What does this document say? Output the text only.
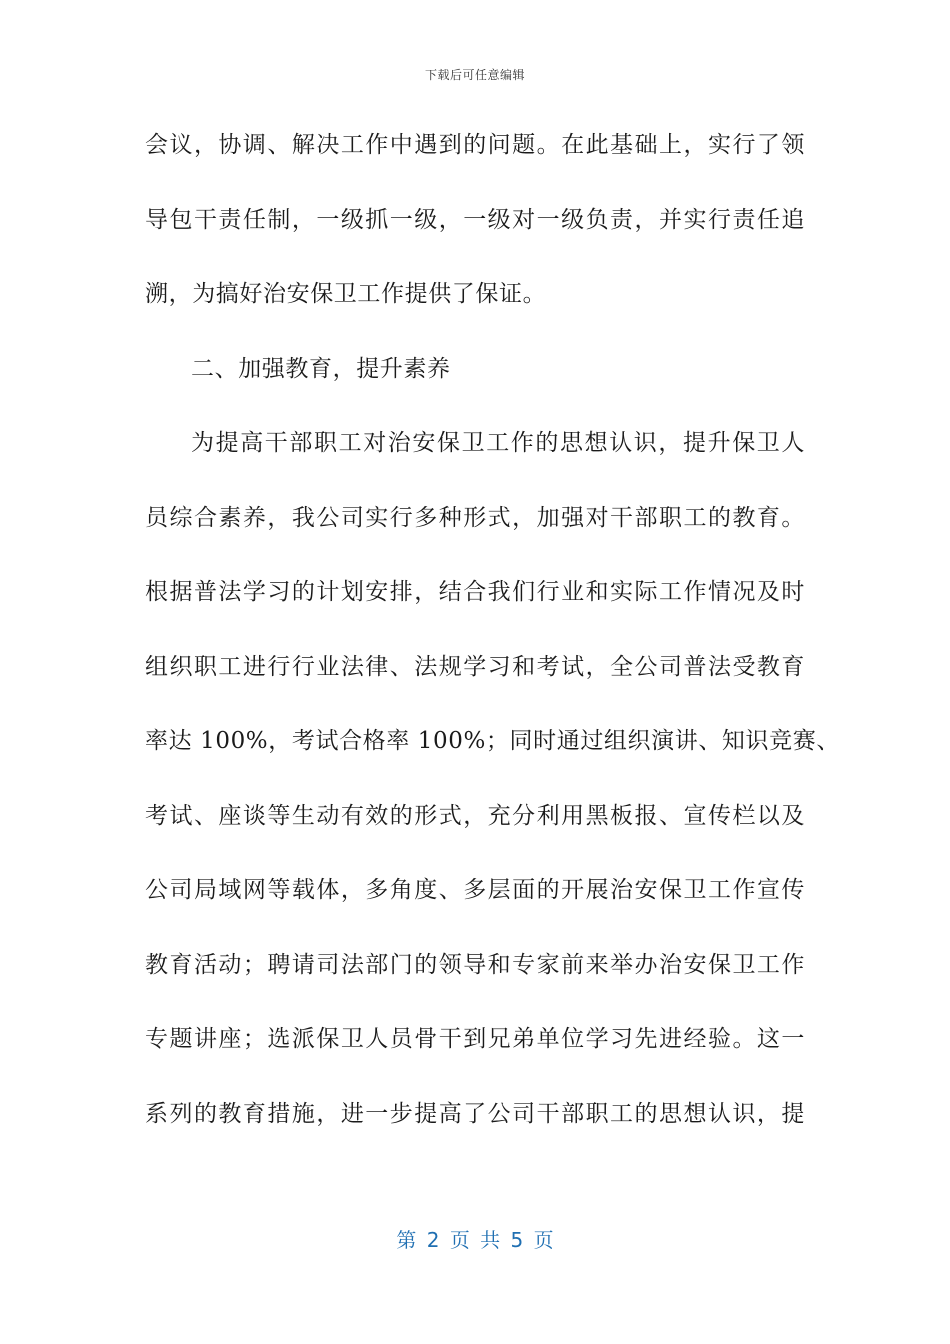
下载后可任意编辑
会议，协调、解决工作中遇到的问题。在此基础上，实行了领
导包干责任制，一级抓一级，一级对一级负责，并实行责任追
溯，为搞好治安保卫工作提供了保证。
二、加强教育，提升素养
为提高干部职工对治安保卫工作的思想认识，提升保卫人
员综合素养，我公司实行多种形式，加强对干部职工的教育。
根据普法学习的计划安排，结合我们行业和实际工作情况及时
组织职工进行行业法律、法规学习和考试，全公司普法受教育
率达 100%，考试合格率 100%；同时通过组织演讲、知识竞赛、
考试、座谈等生动有效的形式，充分利用黑板报、宣传栏以及
公司局域网等载体，多角度、多层面的开展治安保卫工作宣传
教育活动；聘请司法部门的领导和专家前来举办治安保卫工作
专题讲座；选派保卫人员骨干到兄弟单位学习先进经验。这一
系列的教育措施，进一步提高了公司干部职工的思想认识，提
第 2 页 共 5 页
